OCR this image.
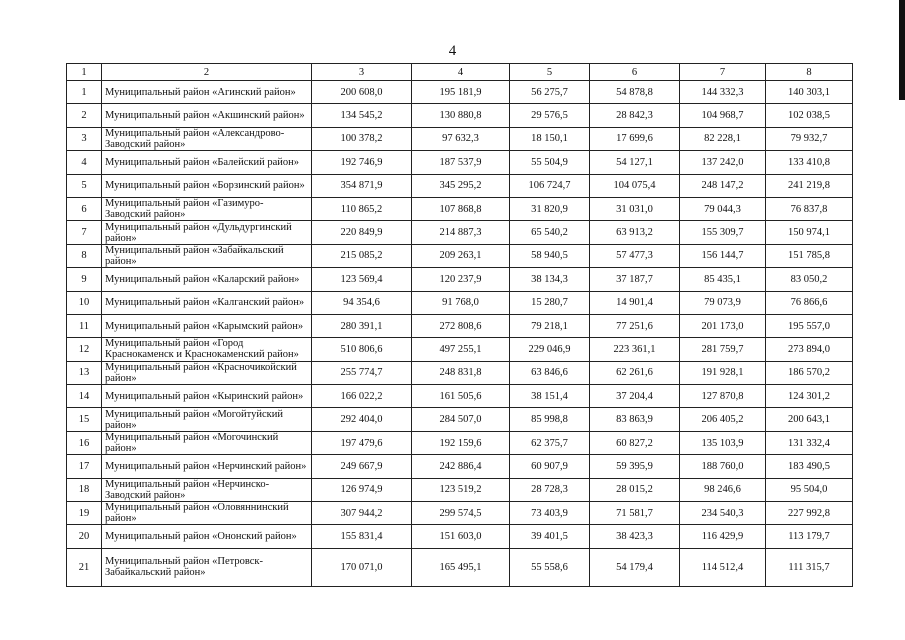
4
1	2	3	4	5	6	7	8
1	Муниципальный район «Агинский район»	200 608,0	195 181,9	56 275,7	54 878,8	144 332,3	140 303,1
2	Муниципальный район «Акшинский район»	134 545,2	130 880,8	29 576,5	28 842,3	104 968,7	102 038,5
3	Муниципальный район «Александрово-Заводский район»	100 378,2	97 632,3	18 150,1	17 699,6	82 228,1	79 932,7
4	Муниципальный район «Балейский район»	192 746,9	187 537,9	55 504,9	54 127,1	137 242,0	133 410,8
5	Муниципальный район «Борзинский район»	354 871,9	345 295,2	106 724,7	104 075,4	248 147,2	241 219,8
6	Муниципальный район «Газимуро-Заводский район»	110 865,2	107 868,8	31 820,9	31 031,0	79 044,3	76 837,8
7	Муниципальный район «Дульдургинский район»	220 849,9	214 887,3	65 540,2	63 913,2	155 309,7	150 974,1
8	Муниципальный район «Забайкальский район»	215 085,2	209 263,1	58 940,5	57 477,3	156 144,7	151 785,8
9	Муниципальный район «Каларский район»	123 569,4	120 237,9	38 134,3	37 187,7	85 435,1	83 050,2
10	Муниципальный район «Калганский район»	94 354,6	91 768,0	15 280,7	14 901,4	79 073,9	76 866,6
11	Муниципальный район «Карымский район»	280 391,1	272 808,6	79 218,1	77 251,6	201 173,0	195 557,0
12	Муниципальный район «Город Краснокаменск и Краснокаменский район»	510 806,6	497 255,1	229 046,9	223 361,1	281 759,7	273 894,0
13	Муниципальный район «Красночикойский район»	255 774,7	248 831,8	63 846,6	62 261,6	191 928,1	186 570,2
14	Муниципальный район «Кыринский район»	166 022,2	161 505,6	38 151,4	37 204,4	127 870,8	124 301,2
15	Муниципальный район «Могойтуйский район»	292 404,0	284 507,0	85 998,8	83 863,9	206 405,2	200 643,1
16	Муниципальный район «Могочинский район»	197 479,6	192 159,6	62 375,7	60 827,2	135 103,9	131 332,4
17	Муниципальный район «Нерчинский район»	249 667,9	242 886,4	60 907,9	59 395,9	188 760,0	183 490,5
18	Муниципальный район «Нерчинско-Заводский район»	126 974,9	123 519,2	28 728,3	28 015,2	98 246,6	95 504,0
19	Муниципальный район «Оловяннинский район»	307 944,2	299 574,5	73 403,9	71 581,7	234 540,3	227 992,8
20	Муниципальный район «Ононский район»	155 831,4	151 603,0	39 401,5	38 423,3	116 429,9	113 179,7
21	Муниципальный район «Петровск-Забайкальский район»	170 071,0	165 495,1	55 558,6	54 179,4	114 512,4	111 315,7
